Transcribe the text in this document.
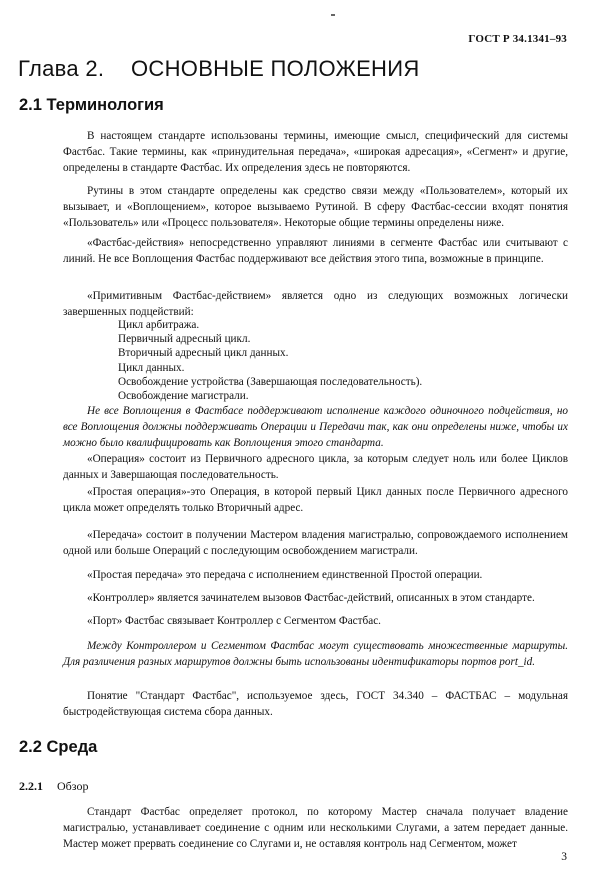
ГОСТ Р 34.1341–93
Глава 2. ОСНОВНЫЕ ПОЛОЖЕНИЯ
2.1 Терминология

В настоящем стандарте использованы термины, имеющие смысл, специфический для системы Фастбас. Такие термины, как «принудительная передача», «широкая адресация», «Сегмент» и другие, определены в стандарте Фастбас. Их определения здесь не повторяются.

Рутины в этом стандарте определены как средство связи между «Пользователем», который их вызывает, и «Воплощением», которое вызываемо Рутиной. В сферу Фастбас-сессии входят понятия «Пользователь» или «Процесс пользователя». Некоторые общие термины определены ниже.

«Фастбас-действия» непосредственно управляют линиями в сегменте Фастбас или считывают с линий. Не все Воплощения Фастбас поддерживают все действия этого типа, возможные в принципе.

«Примитивным Фастбас-действием» является одно из следующих возможных логически завершенных подцействий:

Цикл арбитража.
Первичный адресный цикл.
Вторичный адресный цикл данных.
Цикл данных.
Освобождение устройства (Завершающая последовательность).
Освобождение магистрали.

Не все Воплощения в Фастбасе поддерживают исполнение каждого одиночного подцействия, но все Воплощения должны поддерживать Операции и Передачи так, как они определены ниже, чтобы их можно было квалифицировать как Воплощения этого стандарта.

«Операция» состоит из Первичного адресного цикла, за которым следует ноль или более Циклов данных и Завершающая последовательность.

«Простая операция»-это Операция, в которой первый Цикл данных после Первичного адресного цикла может определять только Вторичный адрес.

«Передача» состоит в получении Мастером владения магистралью, сопровождаемого исполнением одной или больше Операций с последующим освобождением магистрали.

«Простая передача» это передача с исполнением единственной Простой операции.

«Контроллер» является зачинателем вызовов Фастбас-действий, описанных в этом стандарте.

«Порт» Фастбас связывает Контроллер с Сегментом Фастбас.

Между Контроллером и Сегментом Фастбас могут существовать множественные маршруты. Для различения разных маршрутов должны быть использованы идентификаторы портов port_id.

Понятие "Стандарт Фастбас", используемое здесь, ГОСТ 34.340 – ФАСТБАС – модульная быстродействующая система сбора данных.

2.2 Среда
2.2.1 Обзор

Стандарт Фастбас определяет протокол, по которому Мастер сначала получает владение магистралью, устанавливает соединение с одним или несколькими Слугами, а затем передает данные. Мастер может прервать соединение со Слугами и, не оставляя контроль над Сегментом, может

3
